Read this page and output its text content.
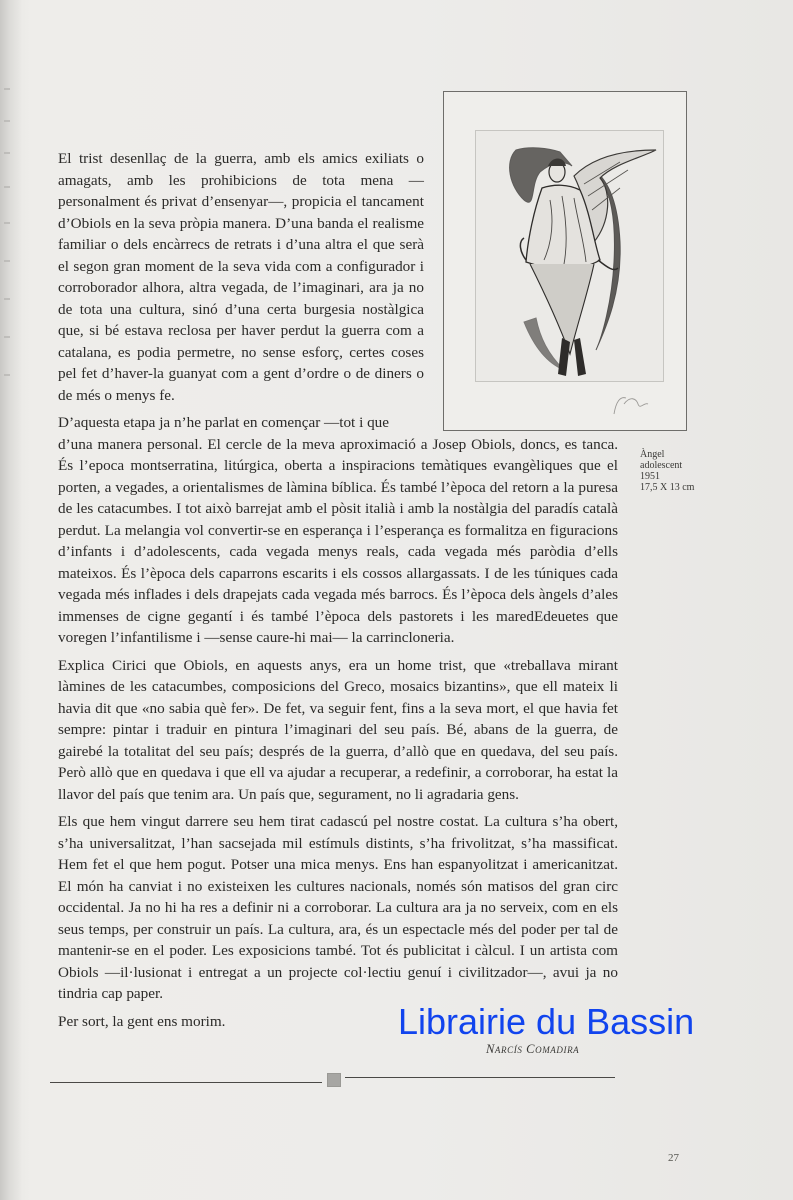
Àngel
adolescent
1951
17,5 X 13 cm

El trist desenllaç de la guerra, amb els amics exiliats o amagats, amb les prohibicions de tota mena —personalment és privat d’ensenyar—, propicia el tancament d’Obiols en la seva pròpia manera. D’una banda el realisme familiar o dels encàrrecs de retrats i d’una altra el que serà el segon gran moment de la seva vida com a configurador i corroborador alhora, altra vegada, de l’imaginari, ara ja no de tota una cultura, sinó d’una certa burgesia nostàlgica que, si bé estava reclosa per haver perdut la guerra com a catalana, es podia permetre, no sense esforç, certes coses pel fet d’haver-la guanyat com a gent d’ordre o de diners o de més o menys fe.

D’aquesta etapa ja n’he parlat en començar —tot i que
d’una manera personal. El cercle de la meva aproximació a Josep Obiols, doncs, es tanca. És l’epoca montserratina, litúrgica, oberta a inspiracions temàtiques evangèliques que el porten, a vegades, a orientalismes de làmina bíblica. És també l’època del retorn a la puresa de les catacumbes. I tot això barrejat amb el pòsit italià i amb la nostàlgia del paradís català perdut. La melangia vol convertir-se en esperança i l’esperança es formalitza en figuracions d’infants i d’adolescents, cada vegada menys reals, cada vegada més paròdia d’ells mateixos. És l’època dels caparrons escarits i els cossos allargassats. I de les túniques cada vegada més inflades i dels drapejats cada vegada més barrocs. És l’època dels àngels d’ales immenses de cigne gegantí i és també l’època dels pastorets i les maredEdeuetes que voregen l’infantilisme i —sense caure-hi mai— la carrincloneria.

Explica Cirici que Obiols, en aquests anys, era un home trist, que «treballava mirant làmines de les catacumbes, composicions del Greco, mosaics bizantins», que ell mateix li havia dit que «no sabia què fer». De fet, va seguir fent, fins a la seva mort, el que havia fet sempre: pintar i traduir en pintura l’imaginari del seu país. Bé, abans de la guerra, de gairebé la totalitat del seu país; després de la guerra, d’allò que en quedava, del seu país. Però allò que en quedava i que ell va ajudar a recuperar, a redefinir, a corroborar, ha estat la llavor del país que tenim ara. Un país que, segurament, no li agradaria gens.

Els que hem vingut darrere seu hem tirat cadascú pel nostre costat. La cultura s’ha obert, s’ha universalitzat, l’han sacsejada mil estímuls distints, s’ha frivolitzat, s’ha massificat. Hem fet el que hem pogut. Potser una mica menys. Ens han espanyolitzat i americanitzat. El món ha canviat i no existeixen les cultures nacionals, només són matisos del gran circ occidental. Ja no hi ha res a definir ni a corroborar. La cultura ara ja no serveix, com en els seus temps, per construir un país. La cultura, ara, és un espectacle més del poder per tal de mantenir-se en el poder. Les exposicions també. Tot és publicitat i càlcul. I un artista com Obiols —il·lusionat i entregat a un projecte col·lectiu genuí i civilitzador—, avui ja no tindria cap paper.

Per sort, la gent ens morim.	Librairie du Bassin
Narcís Comadira
27
